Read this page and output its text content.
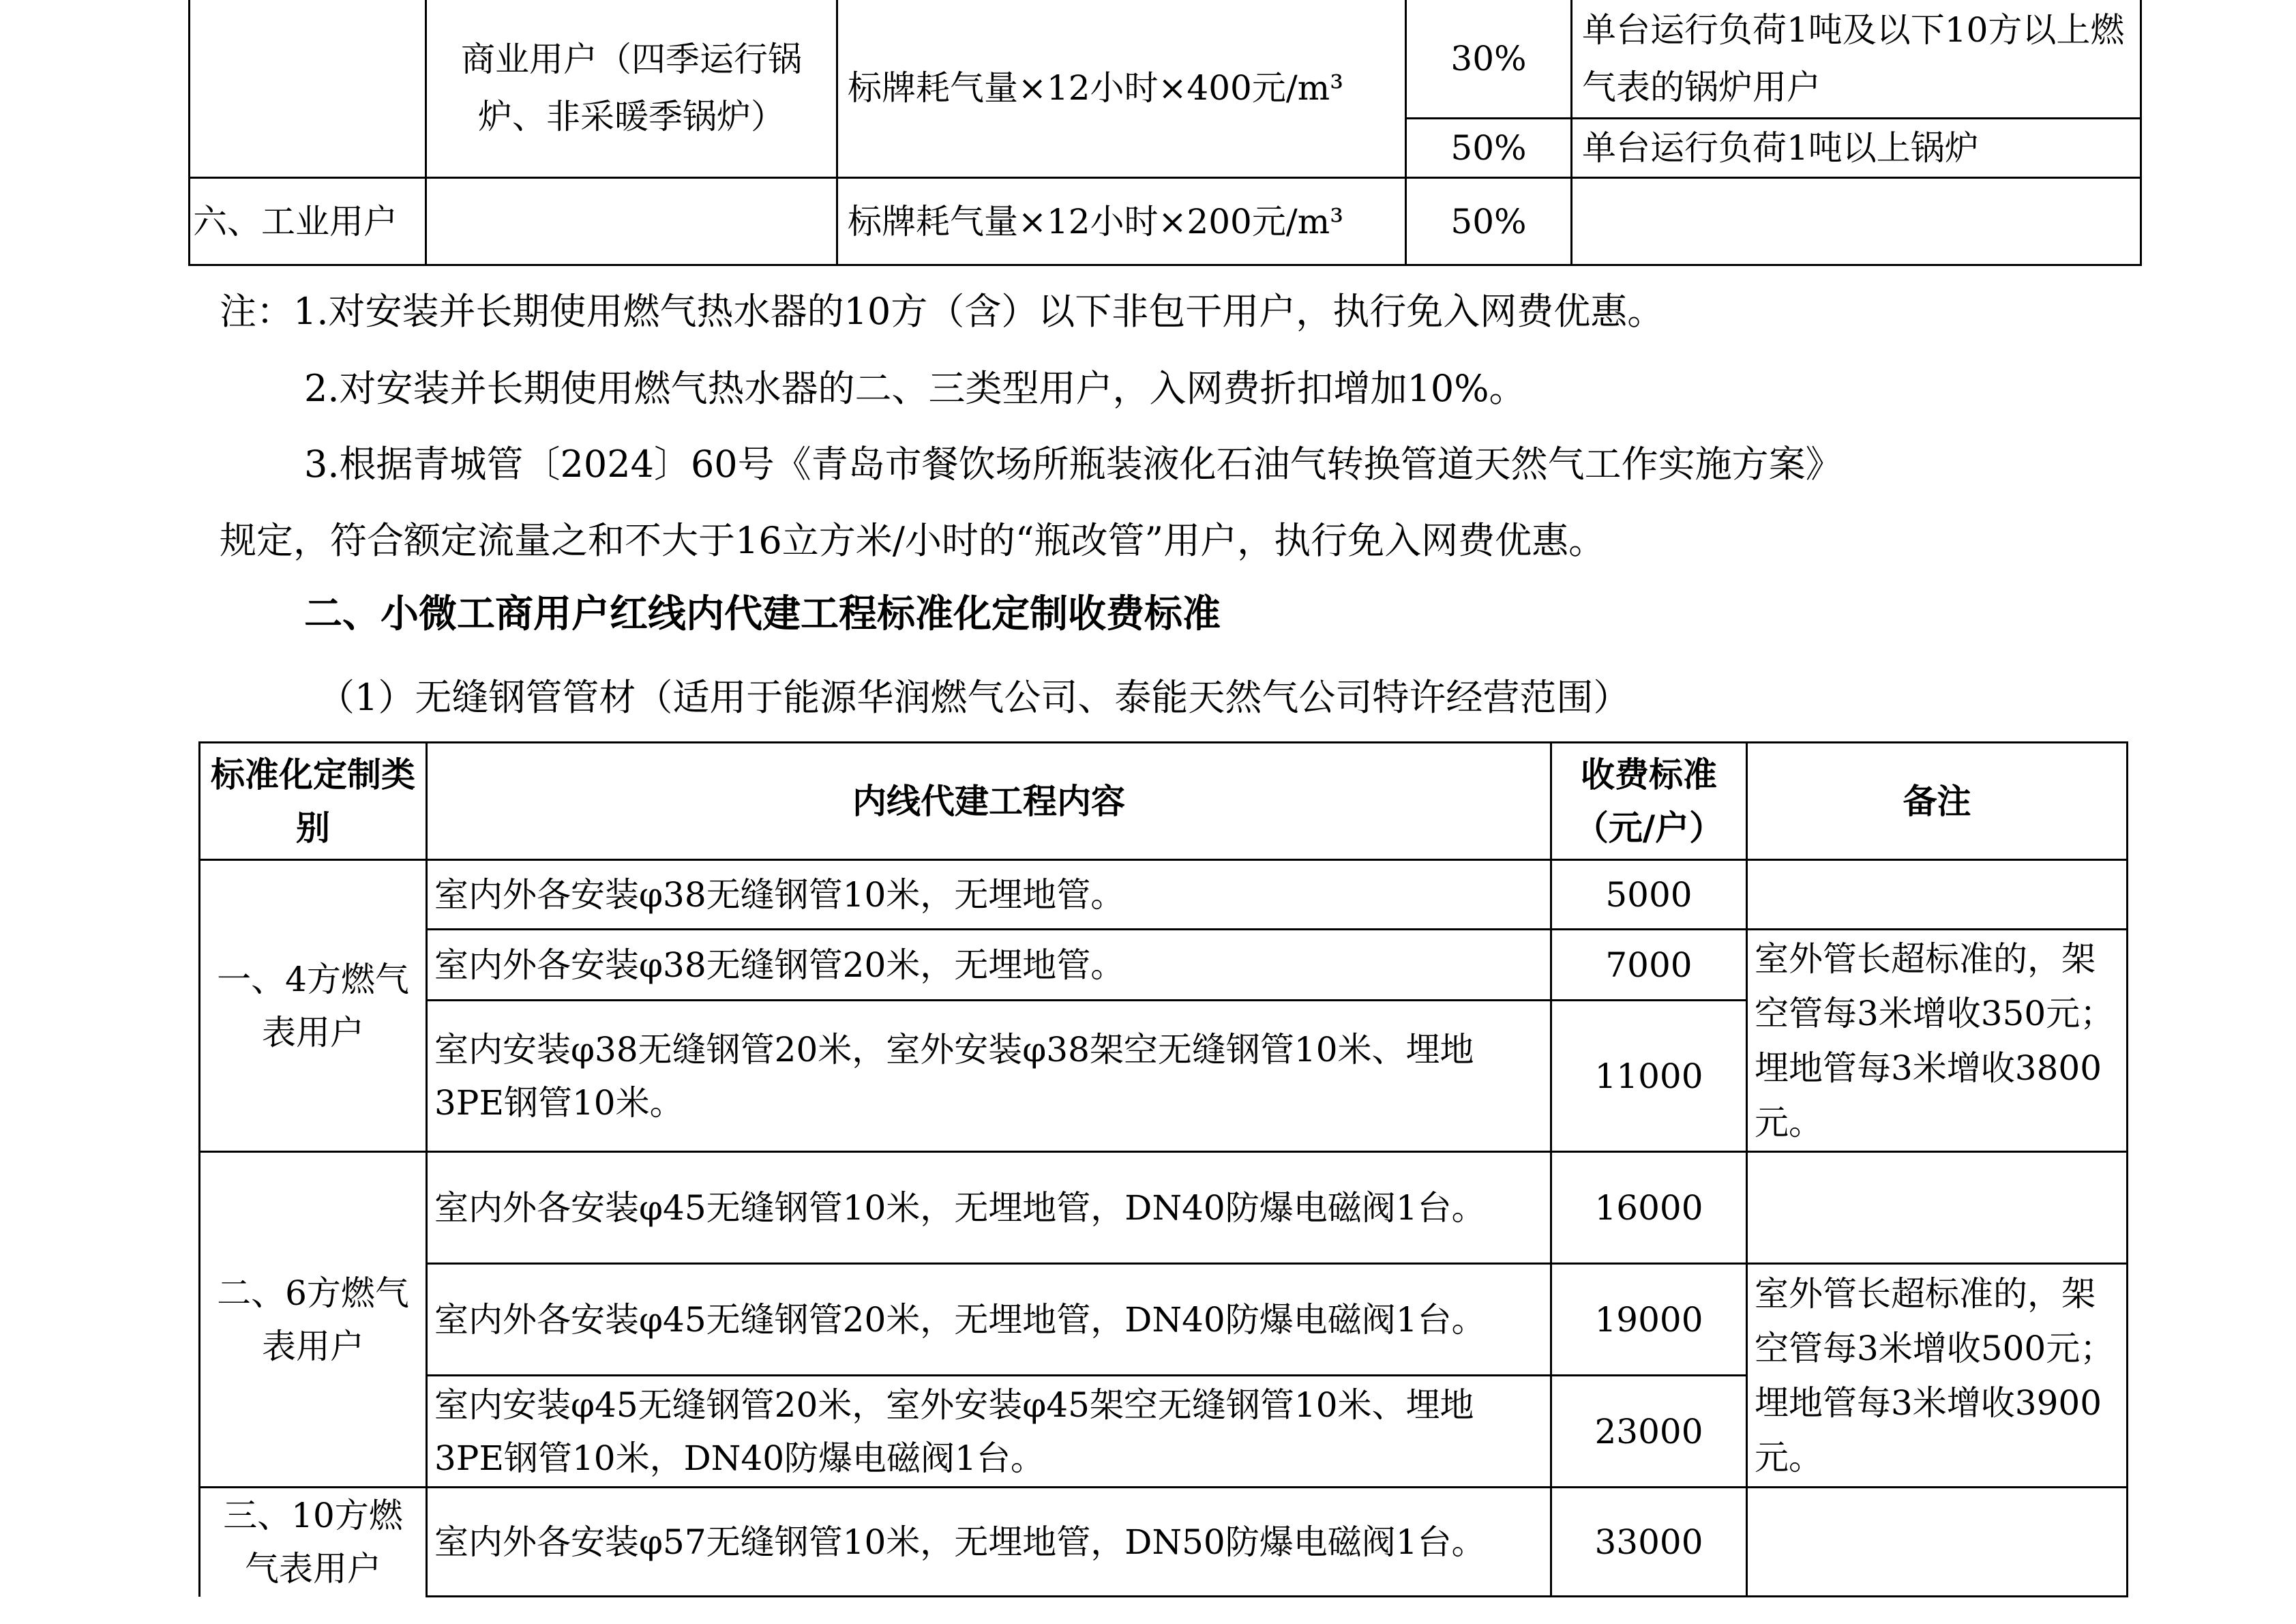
	商业用户（四季运行锅炉、非采暖季锅炉）	标牌耗气量×12小时×400元/m³	30%	单台运行负荷1吨及以下10方以上燃气表的锅炉用户
			50%	单台运行负荷1吨以上锅炉
六、工业用户		标牌耗气量×12小时×200元/m³	50%	
注：1.对安装并长期使用燃气热水器的10方（含）以下非包干用户，执行免入网费优惠。
2.对安装并长期使用燃气热水器的二、三类型用户，入网费折扣增加10%。
3.根据青城管〔2024〕60号《青岛市餐饮场所瓶装液化石油气转换管道天然气工作实施方案》
规定，符合额定流量之和不大于16立方米/小时的“瓶改管”用户，执行免入网费优惠。
二、小微工商用户红线内代建工程标准化定制收费标准
（1）无缝钢管管材（适用于能源华润燃气公司、泰能天然气公司特许经营范围）
标准化定制类别	内线代建工程内容	收费标准（元/户）	备注
一、4方燃气表用户	室内外各安装φ38无缝钢管10米，无埋地管。	5000	
	室内外各安装φ38无缝钢管20米，无埋地管。	7000	室外管长超标准的，架空管每3米增收350元；埋地管每3米增收3800元。
	室内安装φ38无缝钢管20米，室外安装φ38架空无缝钢管10米、埋地3PE钢管10米。	11000	
二、6方燃气表用户	室内外各安装φ45无缝钢管10米，无埋地管，DN40防爆电磁阀1台。	16000	
	室内外各安装φ45无缝钢管20米，无埋地管，DN40防爆电磁阀1台。	19000	室外管长超标准的，架空管每3米增收500元；埋地管每3米增收3900元。
	室内安装φ45无缝钢管20米，室外安装φ45架空无缝钢管10米、埋地3PE钢管10米，DN40防爆电磁阀1台。	23000	
三、10方燃气表用户	室内外各安装φ57无缝钢管10米，无埋地管，DN50防爆电磁阀1台。	33000	
